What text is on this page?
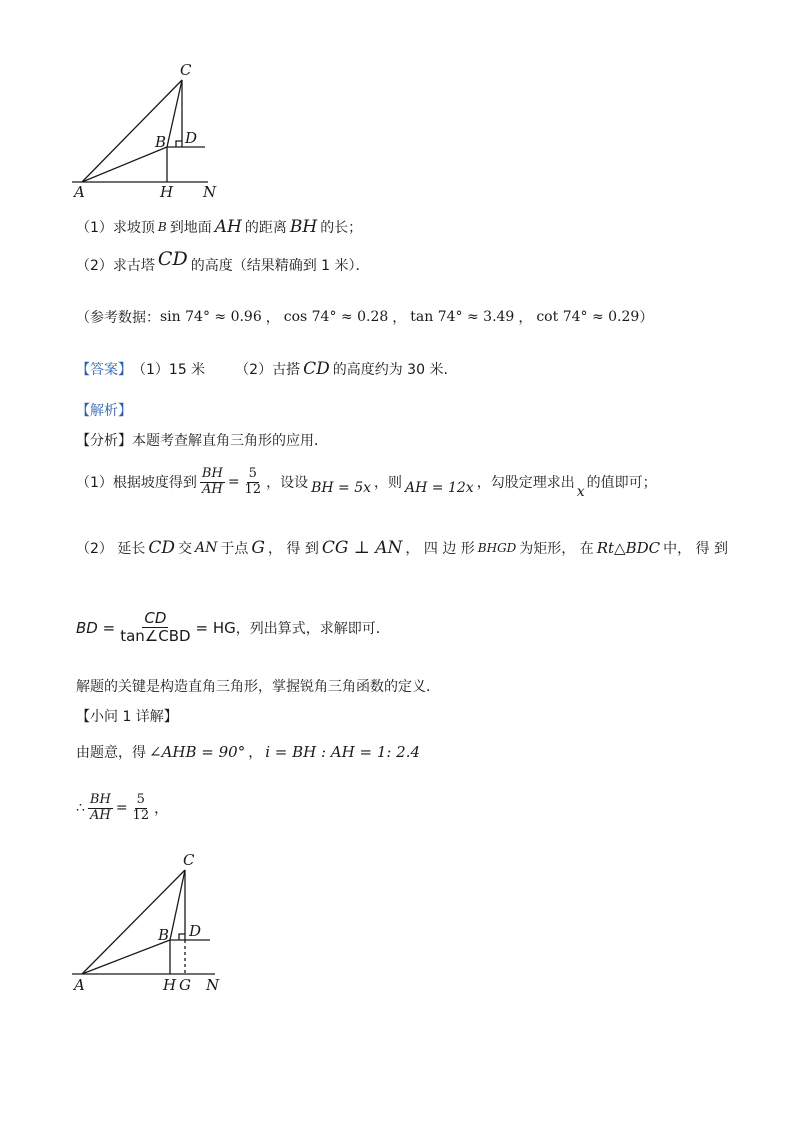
C
B D
A	H N
（1） 求坡顶 B 到地面 AH 的距离 BH 的长；
（2） 求古塔 CD 的高度（结果精确到 1 米）．
（参考数据： sin 74° ≈ 0.96 ， cos 74° ≈ 0.28 ， tan 74° ≈ 3.49 ， cot 74° ≈ 0.29 ）
【答案】 （1）15 米 （2）古搭 CD 的高度约为 30 米.
【解析】
【分析】本题考查解直角三角形的应用．
（1）根据坡度得到 $\frac{BH}{AH} = \frac{5}{12}$ ，设设 BH = 5x ，则 AH = 12x ，勾股定理求出
x
的值即可；
（2） 延长 CD 交 AN 于点 G ， 得 到 CG ⊥ AN ， 四 边 形 BHGD 为矩形， 在 Rt△BDC 中， 得 到
BD = $\frac{CD}{\text{tan∠CBD}}$ = HG ，列出算式，求解即可．
解题的关键是构造直角三角形，掌握锐角三角函数的定义．
【小问 1 详解】
由题意，得 ∠AHB = 90° ， i = BH : AH = 1: 2.4
∴ $\frac{BH}{AH} = \frac{5}{12}$ ，
C
B D
A	H G N
